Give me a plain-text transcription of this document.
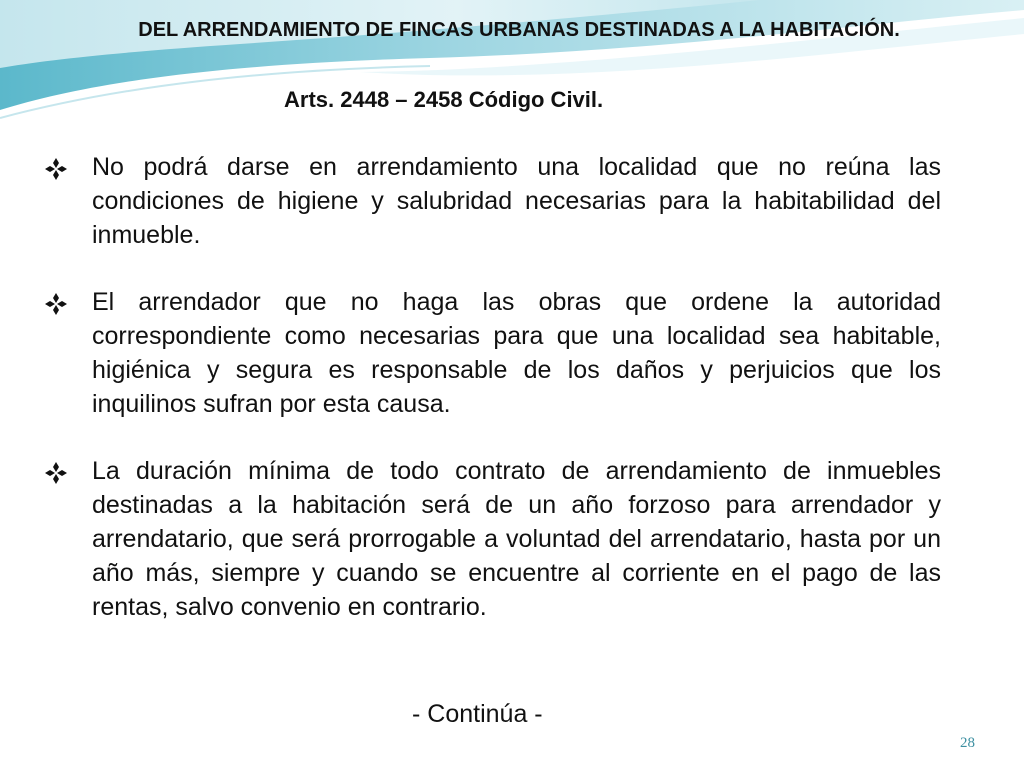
DEL ARRENDAMIENTO DE FINCAS URBANAS DESTINADAS A LA HABITACIÓN.
Arts. 2448 – 2458 Código Civil.
No podrá darse en arrendamiento una localidad que no reúna las condiciones de higiene y salubridad necesarias para la habitabilidad del inmueble.
El arrendador que no haga las obras que ordene la autoridad correspondiente como necesarias para que una localidad sea habitable, higiénica y segura es responsable de los daños y perjuicios que los inquilinos sufran por esta causa.
La duración mínima de todo contrato de arrendamiento de inmuebles destinadas a la habitación será de un año forzoso para arrendador y arrendatario, que será prorrogable a voluntad del arrendatario, hasta por un año más, siempre y cuando se encuentre al corriente en el pago de las rentas, salvo convenio en contrario.
- Continúa -
28
